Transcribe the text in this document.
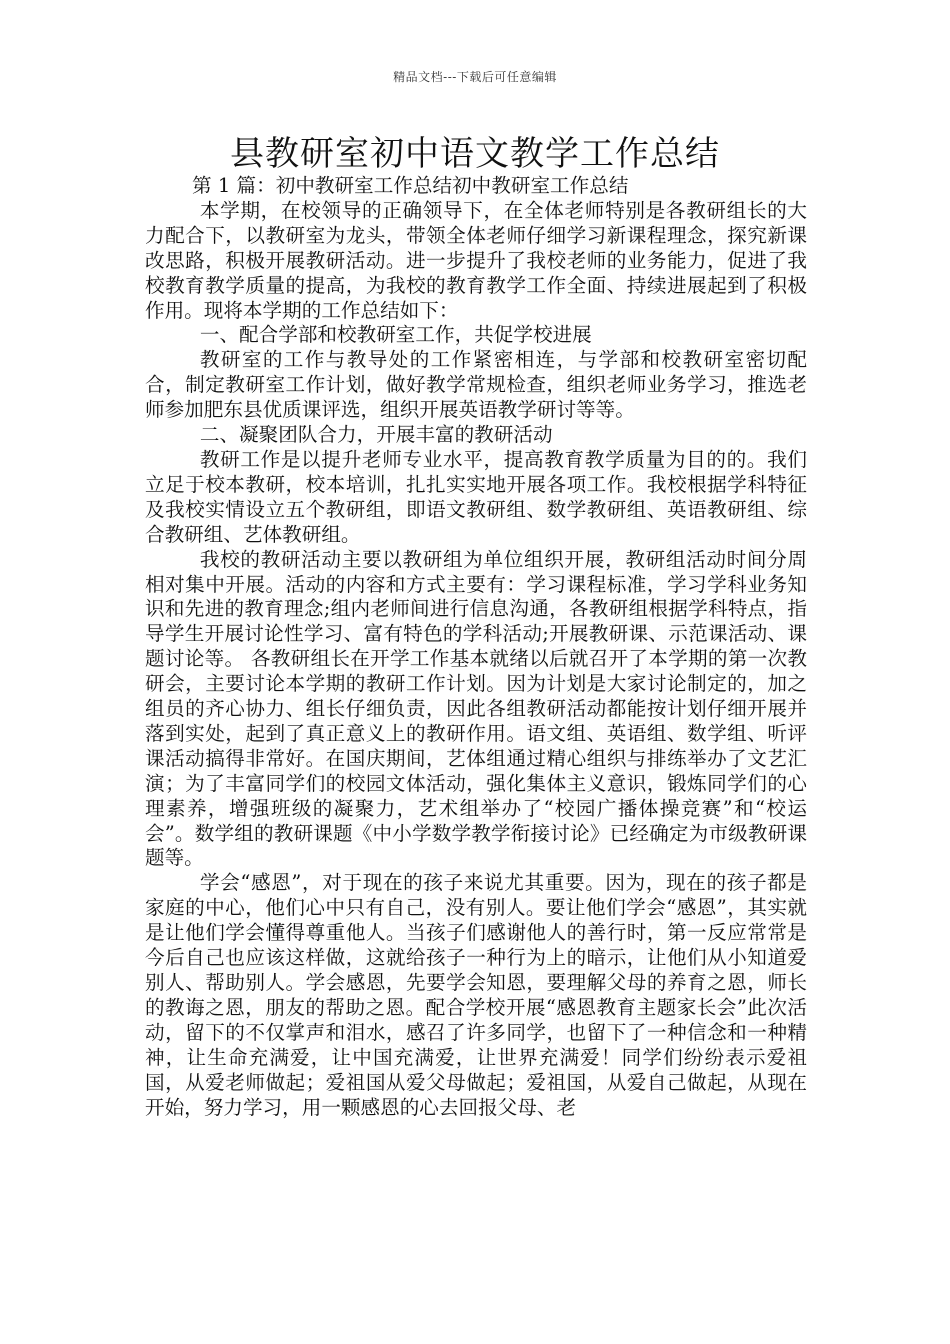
精品文档---下载后可任意编辑
县教研室初中语文教学工作总结

第 1 篇：初中教研室工作总结初中教研室工作总结

本学期，在校领导的正确领导下，在全体老师特别是各教研组长的大力配合下，以教研室为龙头，带领全体老师仔细学习新课程理念，探究新课改思路，积极开展教研活动。进一步提升了我校老师的业务能力，促进了我校教育教学质量的提高，为我校的教育教学工作全面、持续进展起到了积极作用。现将本学期的工作总结如下：

一、配合学部和校教研室工作，共促学校进展

教研室的工作与教导处的工作紧密相连，与学部和校教研室密切配合，制定教研室工作计划，做好教学常规检查，组织老师业务学习，推选老师参加肥东县优质课评选，组织开展英语教学研讨等等。

二、凝聚团队合力，开展丰富的教研活动

教研工作是以提升老师专业水平，提高教育教学质量为目的的。我们立足于校本教研，校本培训，扎扎实实地开展各项工作。我校根据学科特征及我校实情设立五个教研组，即语文教研组、数学教研组、英语教研组、综合教研组、艺体教研组。

我校的教研活动主要以教研组为单位组织开展，教研组活动时间分周相对集中开展。活动的内容和方式主要有：学习课程标准，学习学科业务知识和先进的教育理念;组内老师间进行信息沟通，各教研组根据学科特点，指导学生开展讨论性学习、富有特色的学科活动;开展教研课、示范课活动、课题讨论等。 各教研组长在开学工作基本就绪以后就召开了本学期的第一次教研会，主要讨论本学期的教研工作计划。因为计划是大家讨论制定的，加之组员的齐心协力、组长仔细负责，因此各组教研活动都能按计划仔细开展并落到实处，起到了真正意义上的教研作用。语文组、英语组、数学组、听评课活动搞得非常好。在国庆期间，艺体组通过精心组织与排练举办了文艺汇演；为了丰富同学们的校园文体活动，强化集体主义意识，锻炼同学们的心理素养，增强班级的凝聚力，艺术组举办了“校园广播体操竞赛”和“校运会”。数学组的教研课题《中小学数学教学衔接讨论》已经确定为市级教研课题等。

学会“感恩”，对于现在的孩子来说尤其重要。因为，现在的孩子都是家庭的中心，他们心中只有自己，没有别人。要让他们学会“感恩”，其实就是让他们学会懂得尊重他人。当孩子们感谢他人的善行时，第一反应常常是今后自己也应该这样做，这就给孩子一种行为上的暗示，让他们从小知道爱别人、帮助别人。学会感恩，先要学会知恩，要理解父母的养育之恩，师长的教诲之恩，朋友的帮助之恩。配合学校开展“感恩教育主题家长会”此次活动，留下的不仅掌声和泪水，感召了许多同学，也留下了一种信念和一种精神，让生命充满爱，让中国充满爱，让世界充满爱！同学们纷纷表示爱祖国，从爱老师做起；爱祖国从爱父母做起；爱祖国，从爱自己做起，从现在开始，努力学习，用一颗感恩的心去回报父母、老
